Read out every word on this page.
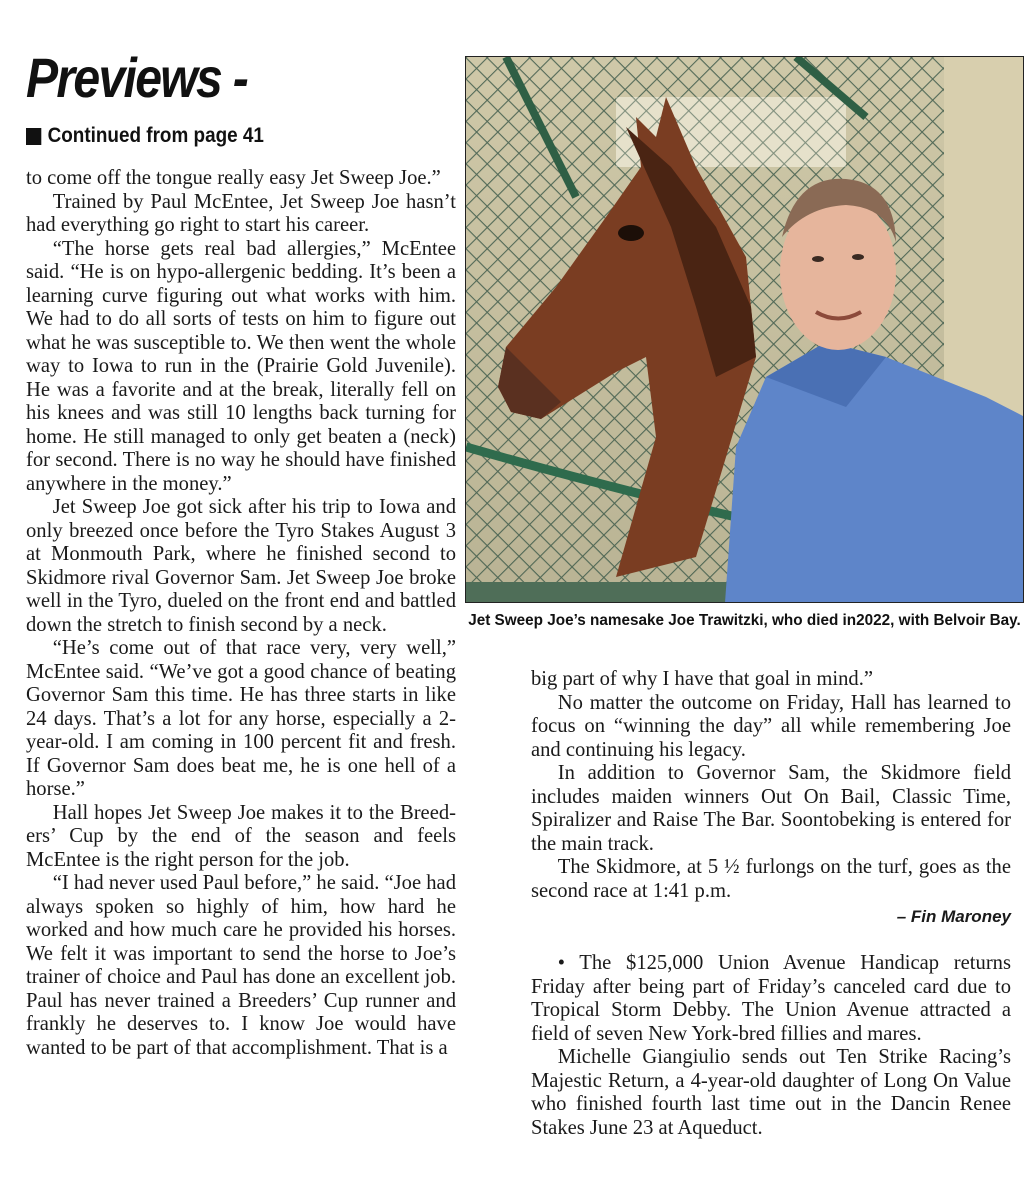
Previews -
Continued from page 41

to come off the tongue really easy Jet Sweep Joe.”

Trained by Paul McEntee, Jet Sweep Joe hasn’t had everything go right to start his career.

“The horse gets real bad allergies,” McEntee said. “He is on hypo-allergenic bedding. It’s been a learning curve figuring out what works with him. We had to do all sorts of tests on him to figure out what he was susceptible to. We then went the whole way to Iowa to run in the (Prairie Gold Juvenile). He was a favorite and at the break, literally fell on his knees and was still 10 lengths back turning for home. He still managed to only get beaten a (neck) for second. There is no way he should have finished anywhere in the money.”

Jet Sweep Joe got sick after his trip to Iowa and only breezed once before the Tyro Stakes August 3 at Monmouth Park, where he finished second to Skidmore rival Governor Sam. Jet Sweep Joe broke well in the Tyro, dueled on the front end and battled down the stretch to finish second by a neck.

“He’s come out of that race very, very well,” McEntee said. “We’ve got a good chance of beating Governor Sam this time. He has three starts in like 24 days. That’s a lot for any horse, especially a 2-year-old. I am coming in 100 percent fit and fresh. If Governor Sam does beat me, he is one hell of a horse.”

Hall hopes Jet Sweep Joe makes it to the Breeders’ Cup by the end of the season and feels McEntee is the right person for the job.

“I had never used Paul before,” he said. “Joe had always spoken so highly of him, how hard he worked and how much care he provided his horses. We felt it was important to send the horse to Joe’s trainer of choice and Paul has done an excellent job. Paul has never trained a Breeders’ Cup runner and frankly he deserves to. I know Joe would have wanted to be part of that accomplishment. That is a

Jet Sweep Joe’s namesake Joe Trawitzki, who died in2022, with Belvoir Bay.

big part of why I have that goal in mind.”

No matter the outcome on Friday, Hall has learned to focus on “winning the day” all while remembering Joe and continuing his legacy.

In addition to Governor Sam, the Skidmore field includes maiden winners Out On Bail, Classic Time, Spiralizer and Raise The Bar. Soontobeking is entered for the main track.

The Skidmore, at 5 ½ furlongs on the turf, goes as the second race at 1:41 p.m.

– Fin Maroney

• The $125,000 Union Avenue Handicap returns Friday after being part of Friday’s canceled card due to Tropical Storm Debby. The Union Avenue attracted a field of seven New York-bred fillies and mares.

Michelle Giangiulio sends out Ten Strike Racing’s Majestic Return, a 4-year-old daughter of Long On Value who finished fourth last time out in the Dancin Renee Stakes June 23 at Aqueduct.
